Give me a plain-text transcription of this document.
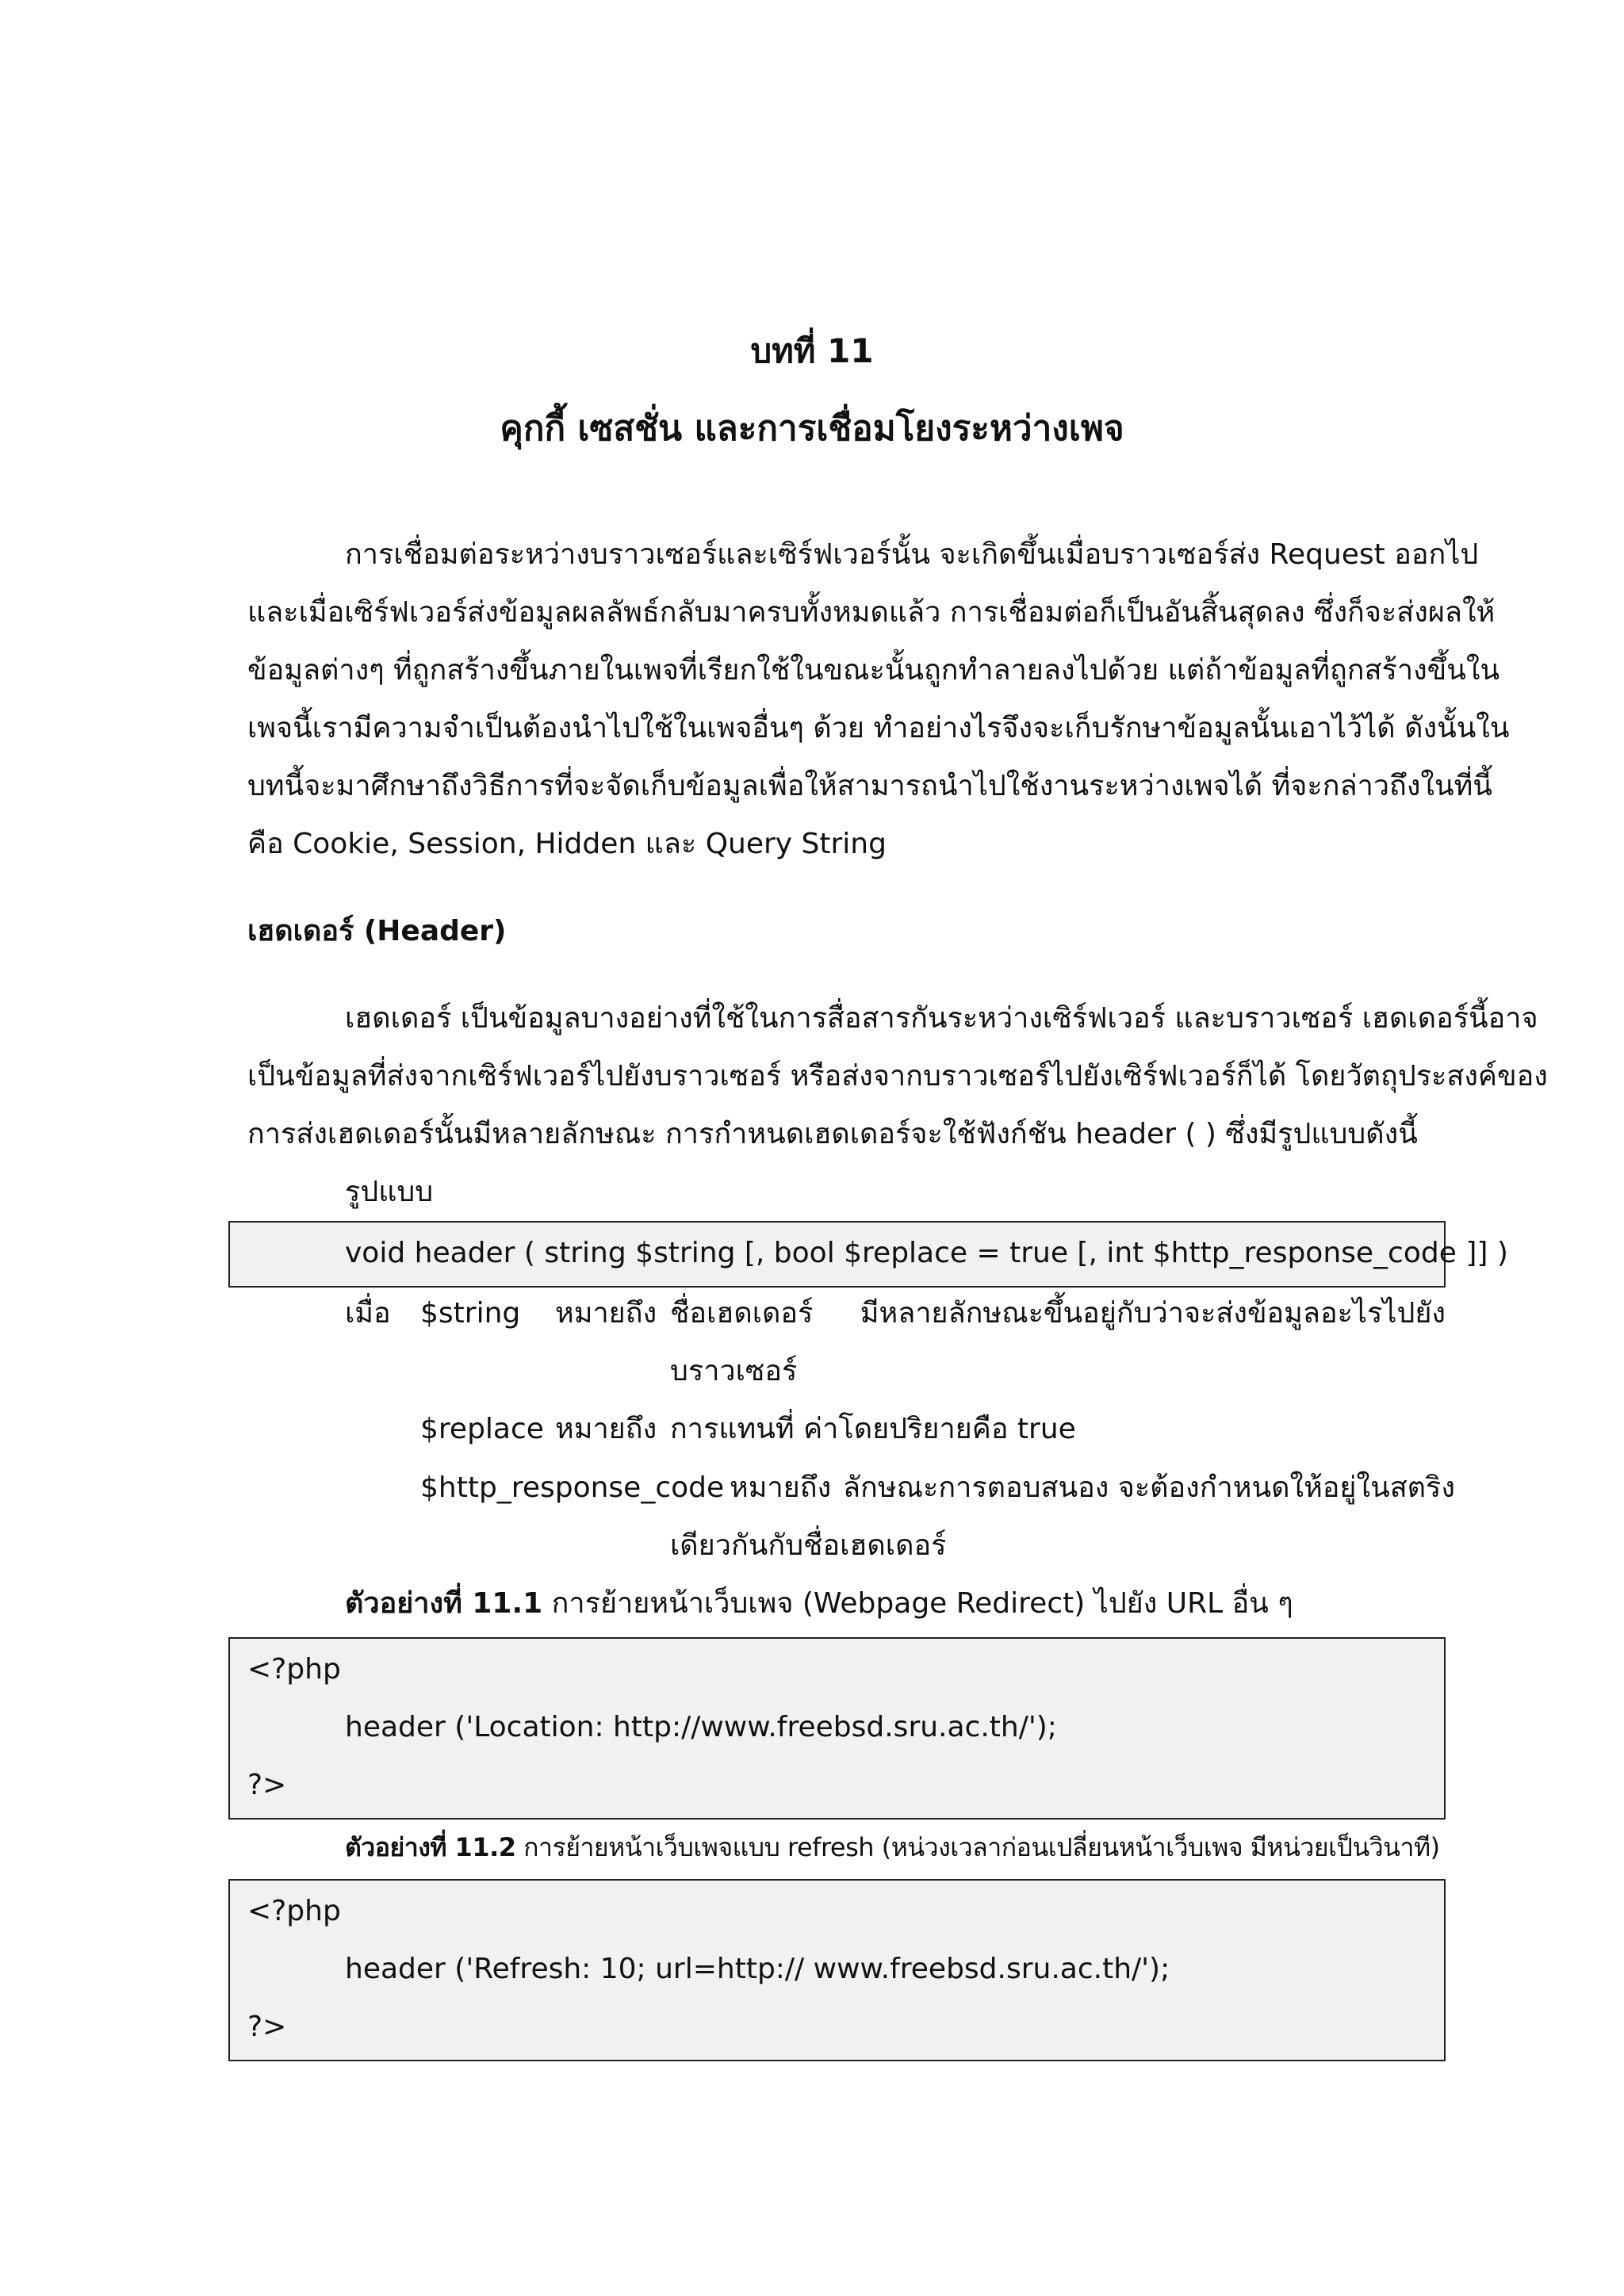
บทที่ 11
คุกกี้ เซสชั่น และการเชื่อมโยงระหว่างเพจ
การเชื่อมต่อระหว่างบราวเซอร์และเซิร์ฟเวอร์นั้น จะเกิดขึ้นเมื่อบราวเซอร์ส่ง Request ออกไป
และเมื่อเซิร์ฟเวอร์ส่งข้อมูลผลลัพธ์กลับมาครบทั้งหมดแล้ว การเชื่อมต่อก็เป็นอันสิ้นสุดลง ซึ่งก็จะส่งผลให้
ข้อมูลต่างๆ ที่ถูกสร้างขึ้นภายในเพจที่เรียกใช้ในขณะนั้นถูกทำลายลงไปด้วย แต่ถ้าข้อมูลที่ถูกสร้างขึ้นใน
เพจนี้เรามีความจำเป็นต้องนำไปใช้ในเพจอื่นๆ ด้วย ทำอย่างไรจึงจะเก็บรักษาข้อมูลนั้นเอาไว้ได้ ดังนั้นใน
บทนี้จะมาศึกษาถึงวิธีการที่จะจัดเก็บข้อมูลเพื่อให้สามารถนำไปใช้งานระหว่างเพจได้ ที่จะกล่าวถึงในที่นี้
คือ Cookie, Session, Hidden และ Query String
เฮดเดอร์ (Header)
เฮดเดอร์ เป็นข้อมูลบางอย่างที่ใช้ในการสื่อสารกันระหว่างเซิร์ฟเวอร์ และบราวเซอร์ เฮดเดอร์นี้อาจ
เป็นข้อมูลที่ส่งจากเซิร์ฟเวอร์ไปยังบราวเซอร์ หรือส่งจากบราวเซอร์ไปยังเซิร์ฟเวอร์ก็ได้ โดยวัตถุประสงค์ของ
การส่งเฮดเดอร์นั้นมีหลายลักษณะ การกำหนดเฮดเดอร์จะใช้ฟังก์ชัน header ( ) ซึ่งมีรูปแบบดังนี้
รูปแบบ
void header ( string $string [, bool $replace = true [, int $http_response_code ]] )
เมื่อ $string หมายถึง ชื่อเฮดเดอร์ มีหลายลักษณะขึ้นอยู่กับว่าจะส่งข้อมูลอะไรไปยัง
บราวเซอร์
$replace หมายถึง การแทนที่ ค่าโดยปริยายคือ true
$http_response_code หมายถึง ลักษณะการตอบสนอง จะต้องกำหนดให้อยู่ในสตริง
เดียวกันกับชื่อเฮดเดอร์
ตัวอย่างที่ 11.1 การย้ายหน้าเว็บเพจ (Webpage Redirect) ไปยัง URL อื่น ๆ
<?php
header ('Location: http://www.freebsd.sru.ac.th/');
?>
ตัวอย่างที่ 11.2 การย้ายหน้าเว็บเพจแบบ refresh (หน่วงเวลาก่อนเปลี่ยนหน้าเว็บเพจ มีหน่วยเป็นวินาที)
<?php
header ('Refresh: 10; url=http:// www.freebsd.sru.ac.th/');
?>
